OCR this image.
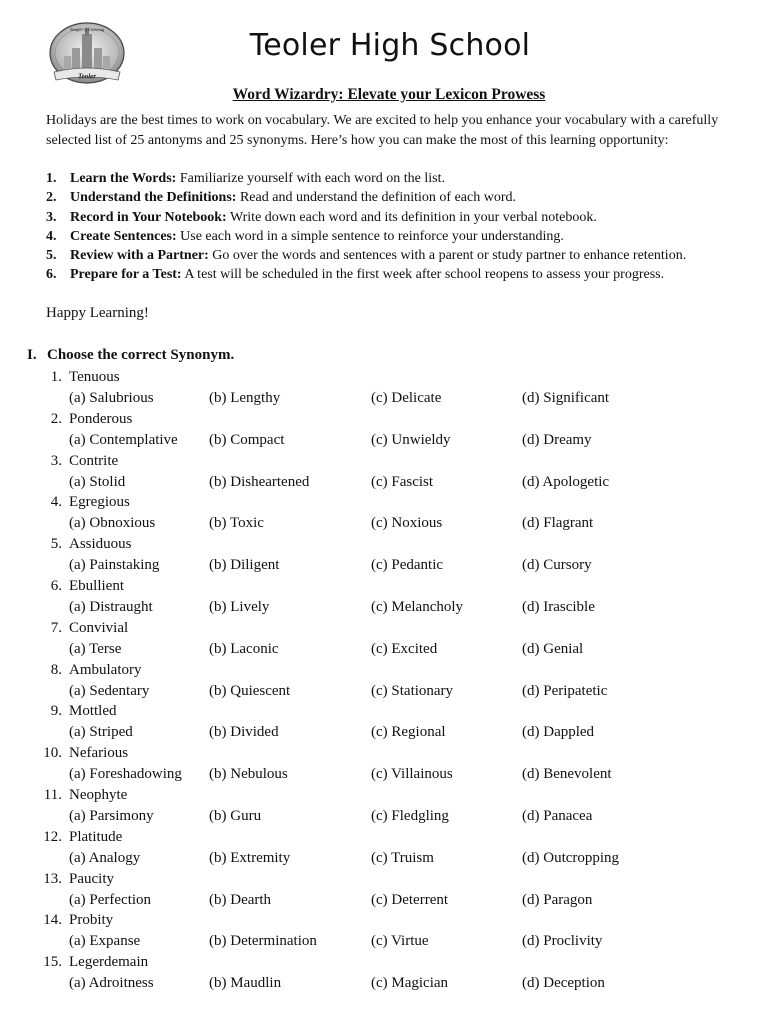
Teoler
Temple of Learning	Teoler High School
Word Wizardry: Elevate your Lexicon Prowess
Holidays are the best times to work on vocabulary. We are excited to help you enhance your vocabulary with a carefully selected list of 25 antonyms and 25 synonyms. Here’s how you can make the most of this learning opportunity:
1. Learn the Words: Familiarize yourself with each word on the list.
2. Understand the Definitions: Read and understand the definition of each word.
3. Record in Your Notebook: Write down each word and its definition in your verbal notebook.
4. Create Sentences: Use each word in a simple sentence to reinforce your understanding.
5. Review with a Partner: Go over the words and sentences with a parent or study partner to enhance retention.
6. Prepare for a Test: A test will be scheduled in the first week after school reopens to assess your progress.
Happy Learning!
I. Choose the correct Synonym.
1. Tenuous
(a) Salubrious	(b) Lengthy	(c) Delicate	(d) Significant
2. Ponderous
(a) Contemplative (b) Compact	(c) Unwieldy	(d) Dreamy
3. Contrite
(a) Stolid	(b) Disheartened	(c) Fascist	(d) Apologetic
4. Egregious
(a) Obnoxious	(b) Toxic	(c) Noxious	(d) Flagrant
5. Assiduous
(a) Painstaking	(b) Diligent	(c) Pedantic	(d) Cursory
6. Ebullient
(a) Distraught	(b) Lively	(c) Melancholy	(d) Irascible
7. Convivial
(a) Terse	(b) Laconic	(c) Excited	(d) Genial
8. Ambulatory
(a) Sedentary	(b) Quiescent	(c) Stationary	(d) Peripatetic
9. Mottled
(a) Striped	(b) Divided	(c) Regional	(d) Dappled
10. Nefarious
(a) Foreshadowing (b) Nebulous	(c) Villainous	(d) Benevolent
11. Neophyte
(a) Parsimony	(b) Guru	(c) Fledgling	(d) Panacea
12. Platitude
(a) Analogy	(b) Extremity	(c) Truism	(d) Outcropping
13. Paucity
(a) Perfection	(b) Dearth	(c) Deterrent	(d) Paragon
14. Probity
(a) Expanse	(b) Determination	(c) Virtue	(d) Proclivity
15. Legerdemain
(a) Adroitness	(b) Maudlin	(c) Magician	(d) Deception
